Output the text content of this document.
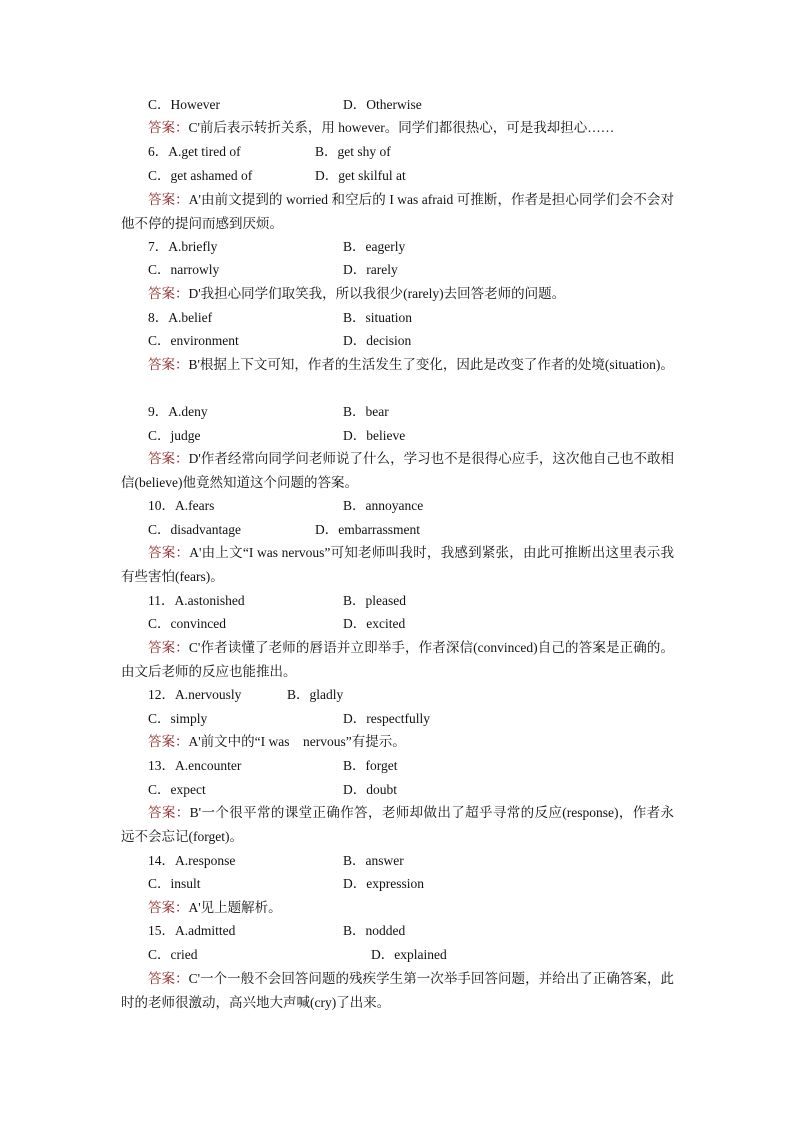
C．However	D．Otherwise
答案：C'前后表示转折关系，用 however。同学们都很热心，可是我却担心……
6．A.get tired of	B．get shy of
C．get ashamed of	D．get skilful at
答案：A'由前文提到的 worried 和空后的 I was afraid 可推断，作者是担心同学们会不会对他不停的提问而感到厌烦。
7．A.briefly	B．eagerly
C．narrowly	D．rarely
答案：D'我担心同学们取笑我，所以我很少(rarely)去回答老师的问题。
8．A.belief	B．situation
C．environment	D．decision
答案：B'根据上下文可知，作者的生活发生了变化，因此是改变了作者的处境(situation)。
9．A.deny	B．bear
C．judge	D．believe
答案：D'作者经常向同学问老师说了什么，学习也不是很得心应手，这次他自己也不敢相信(believe)他竟然知道这个问题的答案。
10．A.fears	B．annoyance
C．disadvantage	D．embarrassment
答案：A'由上文“I was nervous”可知老师叫我时，我感到紧张，由此可推断出这里表示我有些害怕(fears)。
11．A.astonished	B．pleased
C．convinced	D．excited
答案：C'作者读懂了老师的唇语并立即举手，作者深信(convinced)自己的答案是正确的。由文后老师的反应也能推出。
12．A.nervously	B．gladly
C．simply	D．respectfully
答案：A'前文中的“I was　nervous”有提示。
13．A.encounter	B．forget
C．expect	D．doubt
答案：B'一个很平常的课堂正确作答，老师却做出了超乎寻常的反应(response)，作者永远不会忘记(forget)。
14．A.response	B．answer
C．insult	D．expression
答案：A'见上题解析。
15．A.admitted	B．nodded
C．cried	D．explained
答案：C'一个一般不会回答问题的残疾学生第一次举手回答问题，并给出了正确答案，此时的老师很激动，高兴地大声喊(cry)了出来。
